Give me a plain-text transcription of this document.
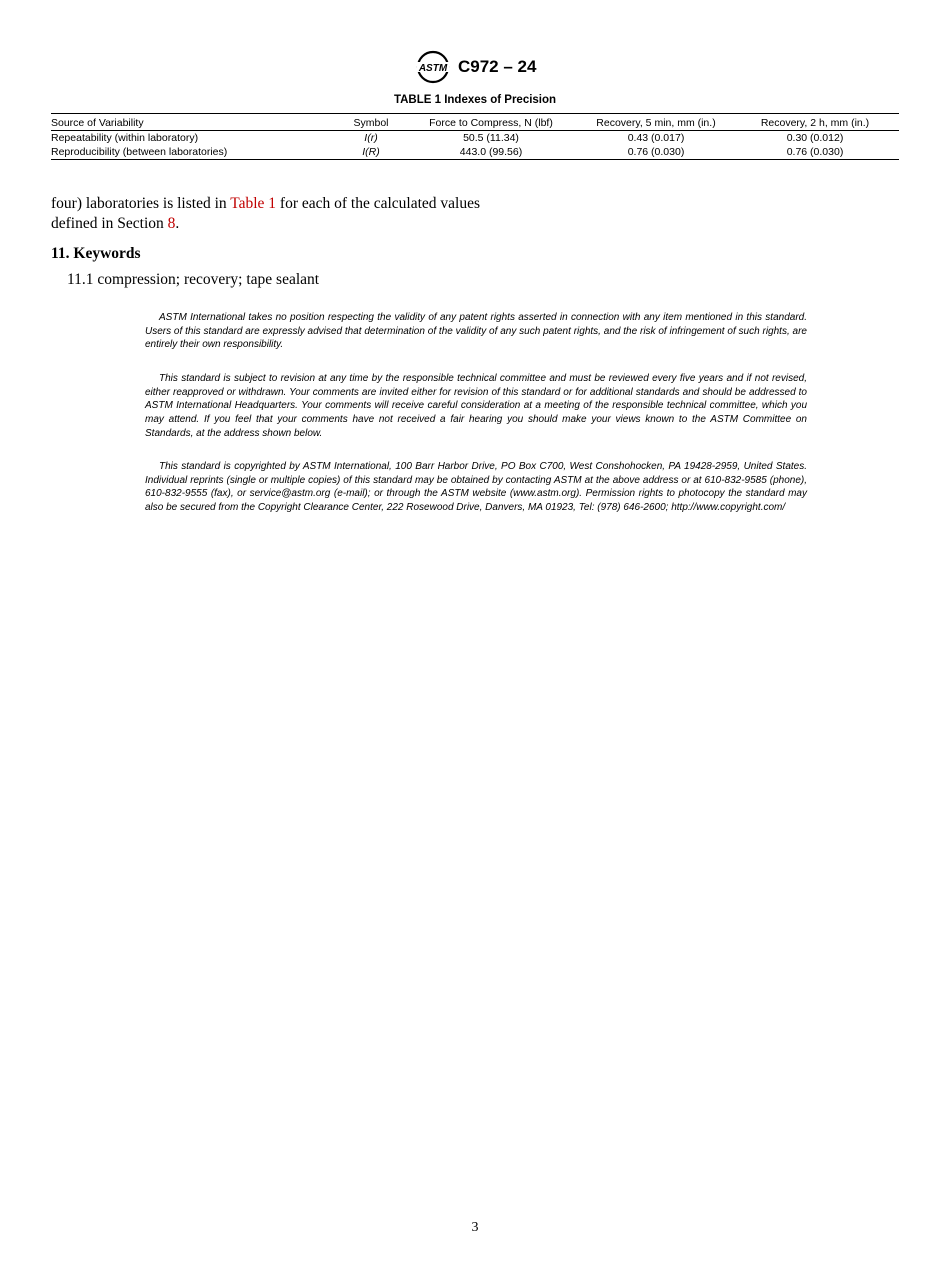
ASTM C972 – 24
TABLE 1 Indexes of Precision
Source of Variability	Symbol	Force to Compress, N (lbf)	Recovery, 5 min, mm (in.)	Recovery, 2 h, mm (in.)
Repeatability (within laboratory)	I(r)	50.5 (11.34)	0.43 (0.017)	0.30 (0.012)
Reproducibility (between laboratories)	I(R)	443.0 (99.56)	0.76 (0.030)	0.76 (0.030)
four) laboratories is listed in Table 1 for each of the calculated values defined in Section 8.
11. Keywords
11.1 compression; recovery; tape sealant
ASTM International takes no position respecting the validity of any patent rights asserted in connection with any item mentioned in this standard. Users of this standard are expressly advised that determination of the validity of any such patent rights, and the risk of infringement of such rights, are entirely their own responsibility.
This standard is subject to revision at any time by the responsible technical committee and must be reviewed every five years and if not revised, either reapproved or withdrawn. Your comments are invited either for revision of this standard or for additional standards and should be addressed to ASTM International Headquarters. Your comments will receive careful consideration at a meeting of the responsible technical committee, which you may attend. If you feel that your comments have not received a fair hearing you should make your views known to the ASTM Committee on Standards, at the address shown below.
This standard is copyrighted by ASTM International, 100 Barr Harbor Drive, PO Box C700, West Conshohocken, PA 19428-2959, United States. Individual reprints (single or multiple copies) of this standard may be obtained by contacting ASTM at the above address or at 610-832-9585 (phone), 610-832-9555 (fax), or service@astm.org (e-mail); or through the ASTM website (www.astm.org). Permission rights to photocopy the standard may also be secured from the Copyright Clearance Center, 222 Rosewood Drive, Danvers, MA 01923, Tel: (978) 646-2600; http://www.copyright.com/
3
